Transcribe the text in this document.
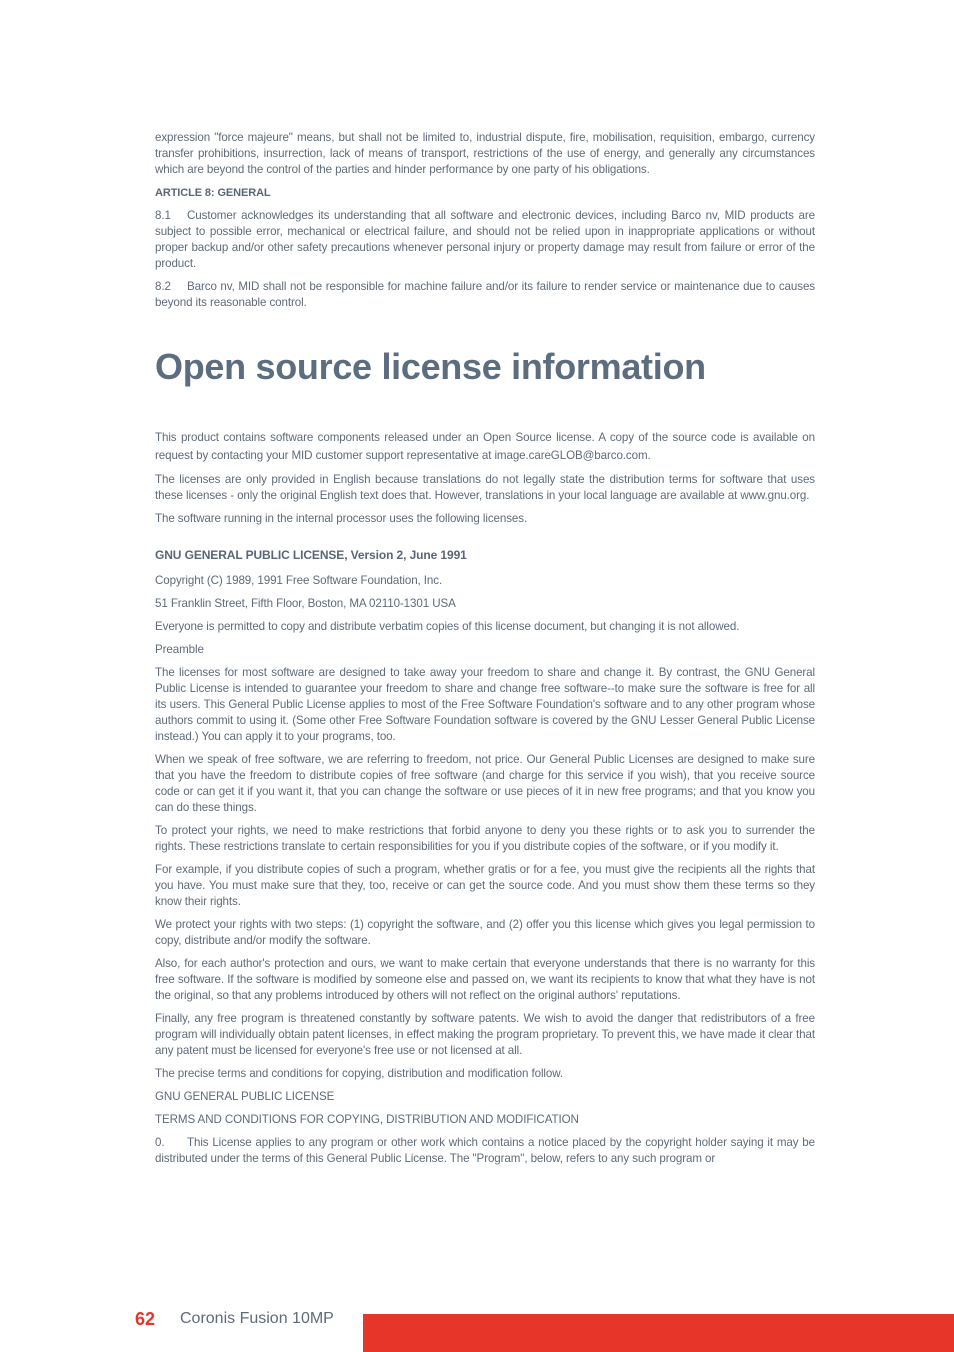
expression "force majeure" means, but shall not be limited to, industrial dispute, fire, mobilisation, requisition, embargo, currency transfer prohibitions, insurrection, lack of means of transport, restrictions of the use of energy, and generally any circumstances which are beyond the control of the parties and hinder performance by one party of his obligations.

ARTICLE 8: GENERAL

8.1 Customer acknowledges its understanding that all software and electronic devices, including Barco nv, MID products are subject to possible error, mechanical or electrical failure, and should not be relied upon in inappropriate applications or without proper backup and/or other safety precautions whenever personal injury or property damage may result from failure or error of the product.

8.2 Barco nv, MID shall not be responsible for machine failure and/or its failure to render service or maintenance due to causes beyond its reasonable control.

Open source license information

This product contains software components released under an Open Source license. A copy of the source code is available on request by contacting your MID customer support representative at image.careGLOB@barco.com.

The licenses are only provided in English because translations do not legally state the distribution terms for software that uses these licenses - only the original English text does that. However, translations in your local language are available at www.gnu.org.

The software running in the internal processor uses the following licenses.

GNU GENERAL PUBLIC LICENSE, Version 2, June 1991

Copyright (C) 1989, 1991 Free Software Foundation, Inc.

51 Franklin Street, Fifth Floor, Boston, MA 02110-1301 USA

Everyone is permitted to copy and distribute verbatim copies of this license document, but changing it is not allowed.

Preamble

The licenses for most software are designed to take away your freedom to share and change it. By contrast, the GNU General Public License is intended to guarantee your freedom to share and change free software--to make sure the software is free for all its users. This General Public License applies to most of the Free Software Foundation's software and to any other program whose authors commit to using it. (Some other Free Software Foundation software is covered by the GNU Lesser General Public License instead.) You can apply it to your programs, too.

When we speak of free software, we are referring to freedom, not price. Our General Public Licenses are designed to make sure that you have the freedom to distribute copies of free software (and charge for this service if you wish), that you receive source code or can get it if you want it, that you can change the software or use pieces of it in new free programs; and that you know you can do these things.

To protect your rights, we need to make restrictions that forbid anyone to deny you these rights or to ask you to surrender the rights. These restrictions translate to certain responsibilities for you if you distribute copies of the software, or if you modify it.

For example, if you distribute copies of such a program, whether gratis or for a fee, you must give the recipients all the rights that you have. You must make sure that they, too, receive or can get the source code. And you must show them these terms so they know their rights.

We protect your rights with two steps: (1) copyright the software, and (2) offer you this license which gives you legal permission to copy, distribute and/or modify the software.

Also, for each author's protection and ours, we want to make certain that everyone understands that there is no warranty for this free software. If the software is modified by someone else and passed on, we want its recipients to know that what they have is not the original, so that any problems introduced by others will not reflect on the original authors' reputations.

Finally, any free program is threatened constantly by software patents. We wish to avoid the danger that redistributors of a free program will individually obtain patent licenses, in effect making the program proprietary. To prevent this, we have made it clear that any patent must be licensed for everyone's free use or not licensed at all.

The precise terms and conditions for copying, distribution and modification follow.

GNU GENERAL PUBLIC LICENSE

TERMS AND CONDITIONS FOR COPYING, DISTRIBUTION AND MODIFICATION

0. This License applies to any program or other work which contains a notice placed by the copyright holder saying it may be distributed under the terms of this General Public License. The "Program", below, refers to any such program or

62 Coronis Fusion 10MP
